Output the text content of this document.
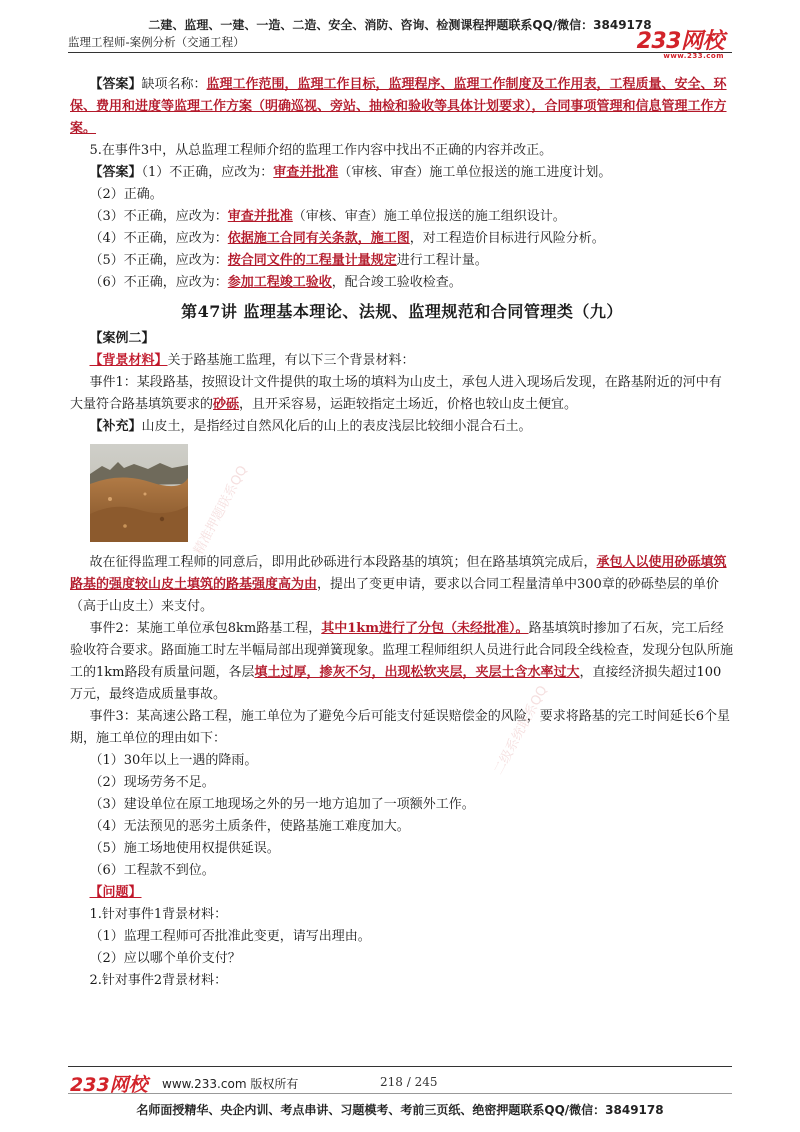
二建、监理、一建、一造、二造、安全、消防、咨询、检测课程押题联系QQ/微信：3849178
监理工程师-案例分析（交通工程）	233网校
www.233.com

【答案】缺项名称：监理工作范围，监理工作目标，监理程序、监理工作制度及工作用表，工程质量、安全、环保、费用和进度等监理工作方案（明确巡视、旁站、抽检和验收等具体计划要求），合同事项管理和信息管理工作方案。

5.在事件3中，从总监理工程师介绍的监理工作内容中找出不正确的内容并改正。

【答案】（1）不正确，应改为：审查并批准（审核、审查）施工单位报送的施工进度计划。

（2）正确。

（3）不正确，应改为：审查并批准（审核、审查）施工单位报送的施工组织设计。

（4）不正确，应改为：依据施工合同有关条款，施工图，对工程造价目标进行风险分析。

（5）不正确，应改为：按合同文件的工程量计量规定进行工程计量。

（6）不正确，应改为：参加工程竣工验收，配合竣工验收检查。

第47讲 监理基本理论、法规、监理规范和合同管理类（九）

【案例二】

【背景材料】关于路基施工监理，有以下三个背景材料：

事件1：某段路基，按照设计文件提供的取土场的填料为山皮土，承包人进入现场后发现，在路基附近的河中有大量符合路基填筑要求的砂砾，且开采容易，运距较指定土场近，价格也较山皮土便宜。

【补充】山皮土，是指经过自然风化后的山上的表皮浅层比较细小混合石土。

故在征得监理工程师的同意后，即用此砂砾进行本段路基的填筑；但在路基填筑完成后，承包人以使用砂砾填筑路基的强度较山皮土填筑的路基强度高为由，提出了变更申请，要求以合同工程量清单中300章的砂砾垫层的单价（高于山皮土）来支付。

事件2：某施工单位承包8km路基工程，其中1km进行了分包（未经批准）。路基填筑时掺加了石灰，完工后经验收符合要求。路面施工时左半幅局部出现弹簧现象。监理工程师组织人员进行此合同段全线检查，发现分包队所施工的1km路段有质量问题，各层填土过厚，掺灰不匀，出现松软夹层，夹层土含水率过大，直接经济损失超过100万元，最终造成质量事故。

事件3：某高速公路工程，施工单位为了避免今后可能支付延误赔偿金的风险，要求将路基的完工时间延长6个星期，施工单位的理由如下：

（1）30年以上一遇的降雨。

（2）现场劳务不足。

（3）建设单位在原工地现场之外的另一地方追加了一项额外工作。

（4）无法预见的恶劣土质条件，使路基施工难度加大。

（5）施工场地使用权提供延误。

（6）工程款不到位。

【问题】

1.针对事件1背景材料：

（1）监理工程师可否批准此变更，请写出理由。

（2）应以哪个单价支付？

2.针对事件2背景材料：

精准押题联系QQ
二级系统联系QQ
233网校 www.233.com 版权所有	218 / 245
名师面授精华、央企内训、考点串讲、习题模考、考前三页纸、绝密押题联系QQ/微信：3849178
